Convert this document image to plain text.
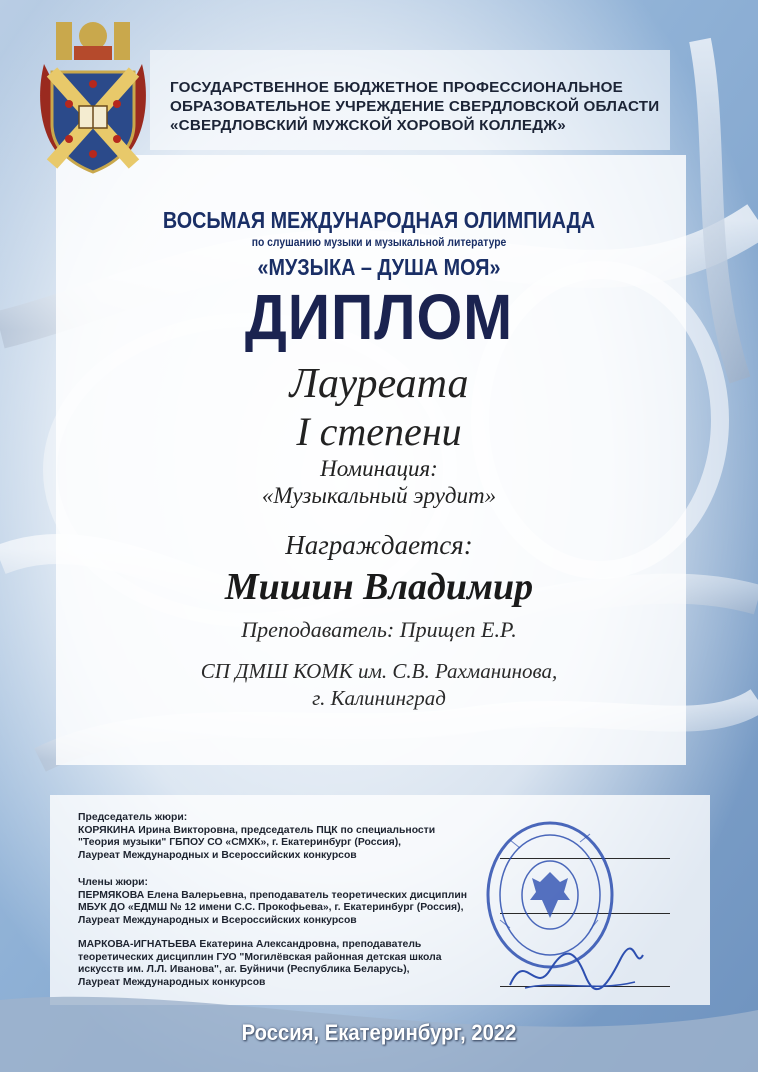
ГОСУДАРСТВЕННОЕ БЮДЖЕТНОЕ ПРОФЕССИОНАЛЬНОЕ
ОБРАЗОВАТЕЛЬНОЕ УЧРЕЖДЕНИЕ СВЕРДЛОВСКОЙ ОБЛАСТИ
«СВЕРДЛОВСКИЙ МУЖСКОЙ ХОРОВОЙ КОЛЛЕДЖ»
ВОСЬМАЯ МЕЖДУНАРОДНАЯ ОЛИМПИАДА
по слушанию музыки и музыкальной литературе
«МУЗЫКА – ДУША МОЯ»
ДИПЛОМ
Лауреата
I степени
Номинация:
«Музыкальный эрудит»
Награждается:
Мишин Владимир
Преподаватель: Прищеп Е.Р.
СП ДМШ КОМК им. С.В. Рахманинова,
г. Калининград
Председатель жюри:
КОРЯКИНА Ирина Викторовна, председатель ПЦК по специальности
"Теория музыки" ГБПОУ СО «СМХК», г. Екатеринбург (Россия),
Лауреат Международных и Всероссийских конкурсов
Члены жюри:
ПЕРМЯКОВА Елена Валерьевна, преподаватель теоретических дисциплин
МБУК ДО «ЕДМШ № 12 имени С.С. Прокофьева», г. Екатеринбург (Россия),
Лауреат Международных и Всероссийских конкурсов
МАРКОВА-ИГНАТЬЕВА Екатерина Александровна, преподаватель
теоретических дисциплин ГУО "Могилёвская районная детская школа
искусств им. Л.Л. Иванова", аг. Буйничи (Республика Беларусь),
Лауреат Международных конкурсов
Россия, Екатеринбург, 2022
